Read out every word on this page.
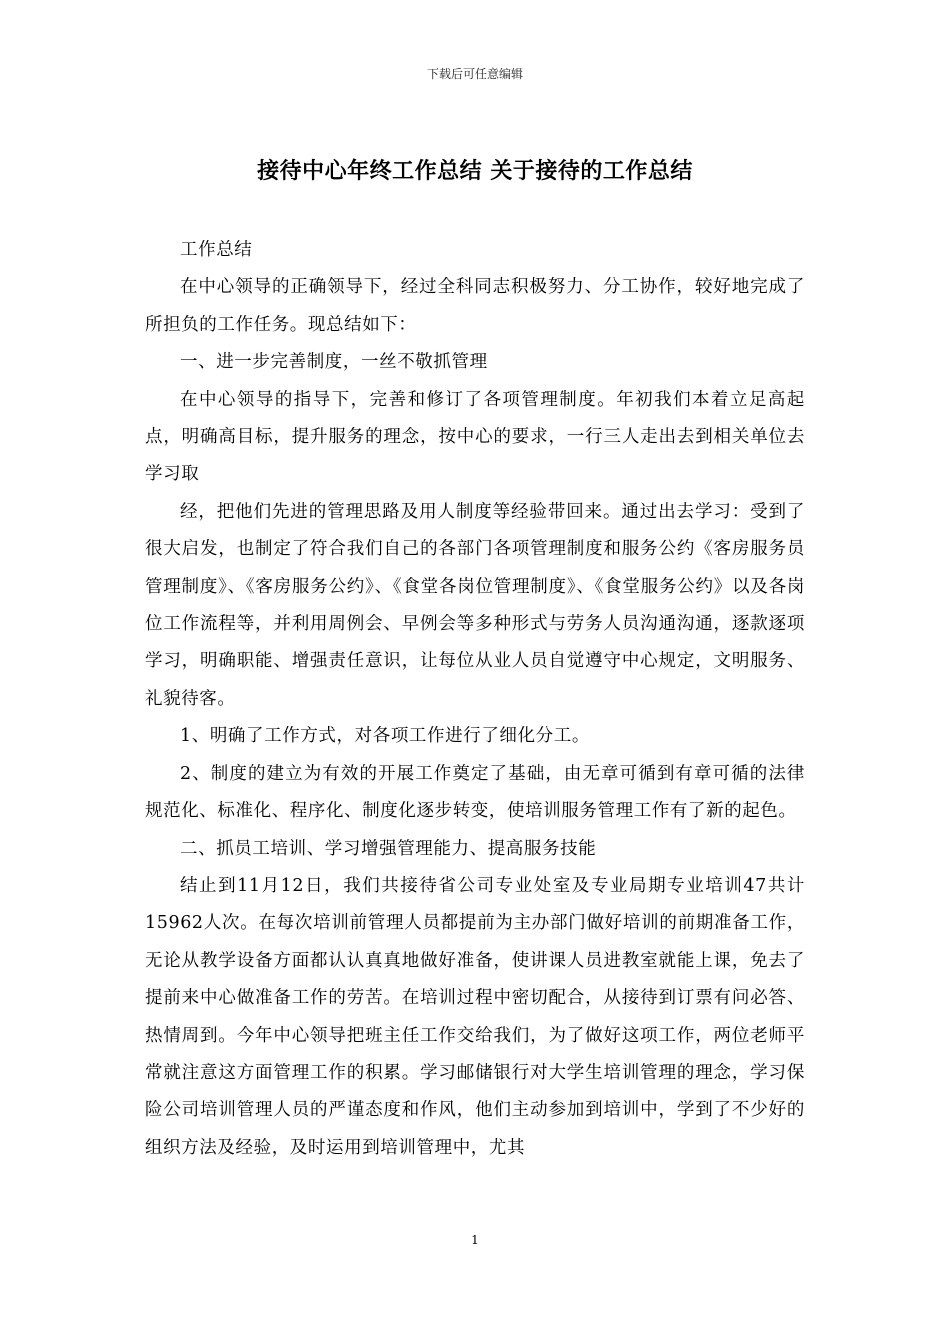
下载后可任意编辑
接待中心年终工作总结 关于接待的工作总结

工作总结

在中心领导的正确领导下，经过全科同志积极努力、分工协作，较好地完成了所担负的工作任务。现总结如下：

一、进一步完善制度，一丝不敬抓管理

在中心领导的指导下，完善和修订了各项管理制度。年初我们本着立足高起点，明确高目标，提升服务的理念，按中心的要求，一行三人走出去到相关单位去学习取

经，把他们先进的管理思路及用人制度等经验带回来。通过出去学习：受到了很大启发，也制定了符合我们自己的各部门各项管理制度和服务公约《客房服务员管理制度》、《客房服务公约》、《食堂各岗位管理制度》、《食堂服务公约》以及各岗位工作流程等，并利用周例会、早例会等多种形式与劳务人员沟通沟通，逐款逐项学习，明确职能、增强责任意识，让每位从业人员自觉遵守中心规定，文明服务、礼貌待客。

1、明确了工作方式，对各项工作进行了细化分工。

2、制度的建立为有效的开展工作奠定了基础，由无章可循到有章可循的法律规范化、标准化、程序化、制度化逐步转变，使培训服务管理工作有了新的起色。

二、抓员工培训、学习增强管理能力、提高服务技能

结止到11月12日，我们共接待省公司专业处室及专业局期专业培训47共计15962人次。在每次培训前管理人员都提前为主办部门做好培训的前期准备工作，无论从教学设备方面都认认真真地做好准备，使讲课人员进教室就能上课，免去了提前来中心做准备工作的劳苦。在培训过程中密切配合，从接待到订票有问必答、热情周到。今年中心领导把班主任工作交给我们，为了做好这项工作，两位老师平常就注意这方面管理工作的积累。学习邮储银行对大学生培训管理的理念，学习保险公司培训管理人员的严谨态度和作风，他们主动参加到培训中，学到了不少好的组织方法及经验，及时运用到培训管理中，尤其

1
